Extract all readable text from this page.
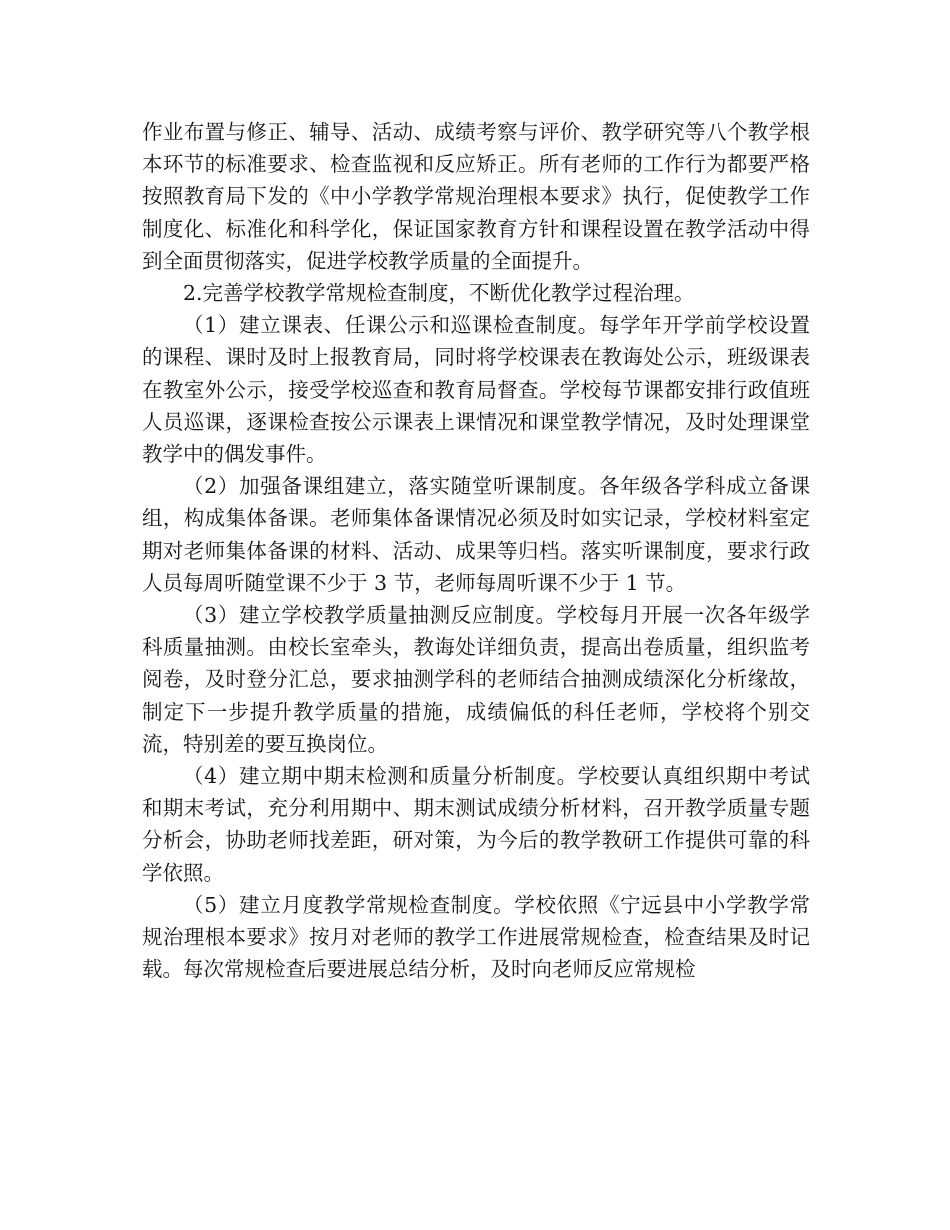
作业布置与修正、辅导、活动、成绩考察与评价、教学研究等八个教学根本环节的标准要求、检查监视和反应矫正。所有老师的工作行为都要严格按照教育局下发的《中小学教学常规治理根本要求》执行，促使教学工作制度化、标准化和科学化，保证国家教育方针和课程设置在教学活动中得到全面贯彻落实，促进学校教学质量的全面提升。

2.完善学校教学常规检查制度，不断优化教学过程治理。

（1）建立课表、任课公示和巡课检查制度。每学年开学前学校设置的课程、课时及时上报教育局，同时将学校课表在教诲处公示，班级课表在教室外公示，接受学校巡查和教育局督查。学校每节课都安排行政值班人员巡课，逐课检查按公示课表上课情况和课堂教学情况，及时处理课堂教学中的偶发事件。

（2）加强备课组建立，落实随堂听课制度。各年级各学科成立备课组，构成集体备课。老师集体备课情况必须及时如实记录，学校材料室定期对老师集体备课的材料、活动、成果等归档。落实听课制度，要求行政人员每周听随堂课不少于 3 节，老师每周听课不少于 1 节。

（3）建立学校教学质量抽测反应制度。学校每月开展一次各年级学科质量抽测。由校长室牵头，教诲处详细负责，提高出卷质量，组织监考阅卷，及时登分汇总，要求抽测学科的老师结合抽测成绩深化分析缘故，制定下一步提升教学质量的措施，成绩偏低的科任老师，学校将个别交流，特别差的要互换岗位。

（4）建立期中期末检测和质量分析制度。学校要认真组织期中考试和期末考试，充分利用期中、期末测试成绩分析材料，召开教学质量专题分析会，协助老师找差距，研对策，为今后的教学教研工作提供可靠的科学依照。

（5）建立月度教学常规检查制度。学校依照《宁远县中小学教学常规治理根本要求》按月对老师的教学工作进展常规检查，检查结果及时记载。每次常规检查后要进展总结分析，及时向老师反应常规检
